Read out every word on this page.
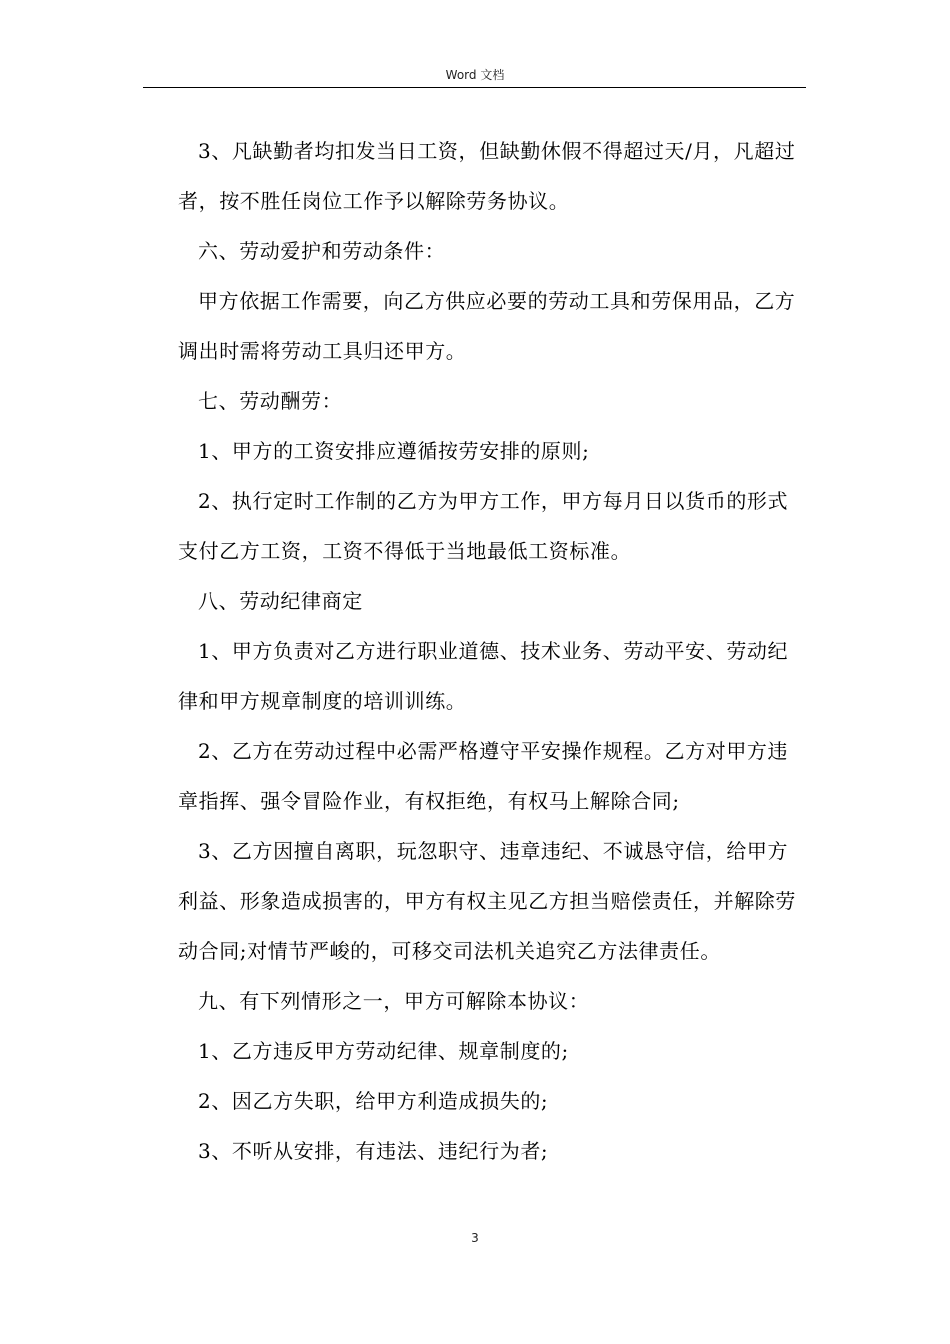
Word 文档

3、凡缺勤者均扣发当日工资，但缺勤休假不得超过天/月，凡超过者，按不胜任岗位工作予以解除劳务协议。

六、劳动爱护和劳动条件：

甲方依据工作需要，向乙方供应必要的劳动工具和劳保用品，乙方调出时需将劳动工具归还甲方。

七、劳动酬劳：

1、甲方的工资安排应遵循按劳安排的原则;

2、执行定时工作制的乙方为甲方工作，甲方每月日以货币的形式支付乙方工资，工资不得低于当地最低工资标准。

八、劳动纪律商定

1、甲方负责对乙方进行职业道德、技术业务、劳动平安、劳动纪律和甲方规章制度的培训训练。

2、乙方在劳动过程中必需严格遵守平安操作规程。乙方对甲方违章指挥、强令冒险作业，有权拒绝，有权马上解除合同;

3、乙方因擅自离职，玩忽职守、违章违纪、不诚恳守信，给甲方利益、形象造成损害的，甲方有权主见乙方担当赔偿责任，并解除劳动合同;对情节严峻的，可移交司法机关追究乙方法律责任。

九、有下列情形之一，甲方可解除本协议：

1、乙方违反甲方劳动纪律、规章制度的;

2、因乙方失职，给甲方利造成损失的;

3、不听从安排，有违法、违纪行为者;

3
